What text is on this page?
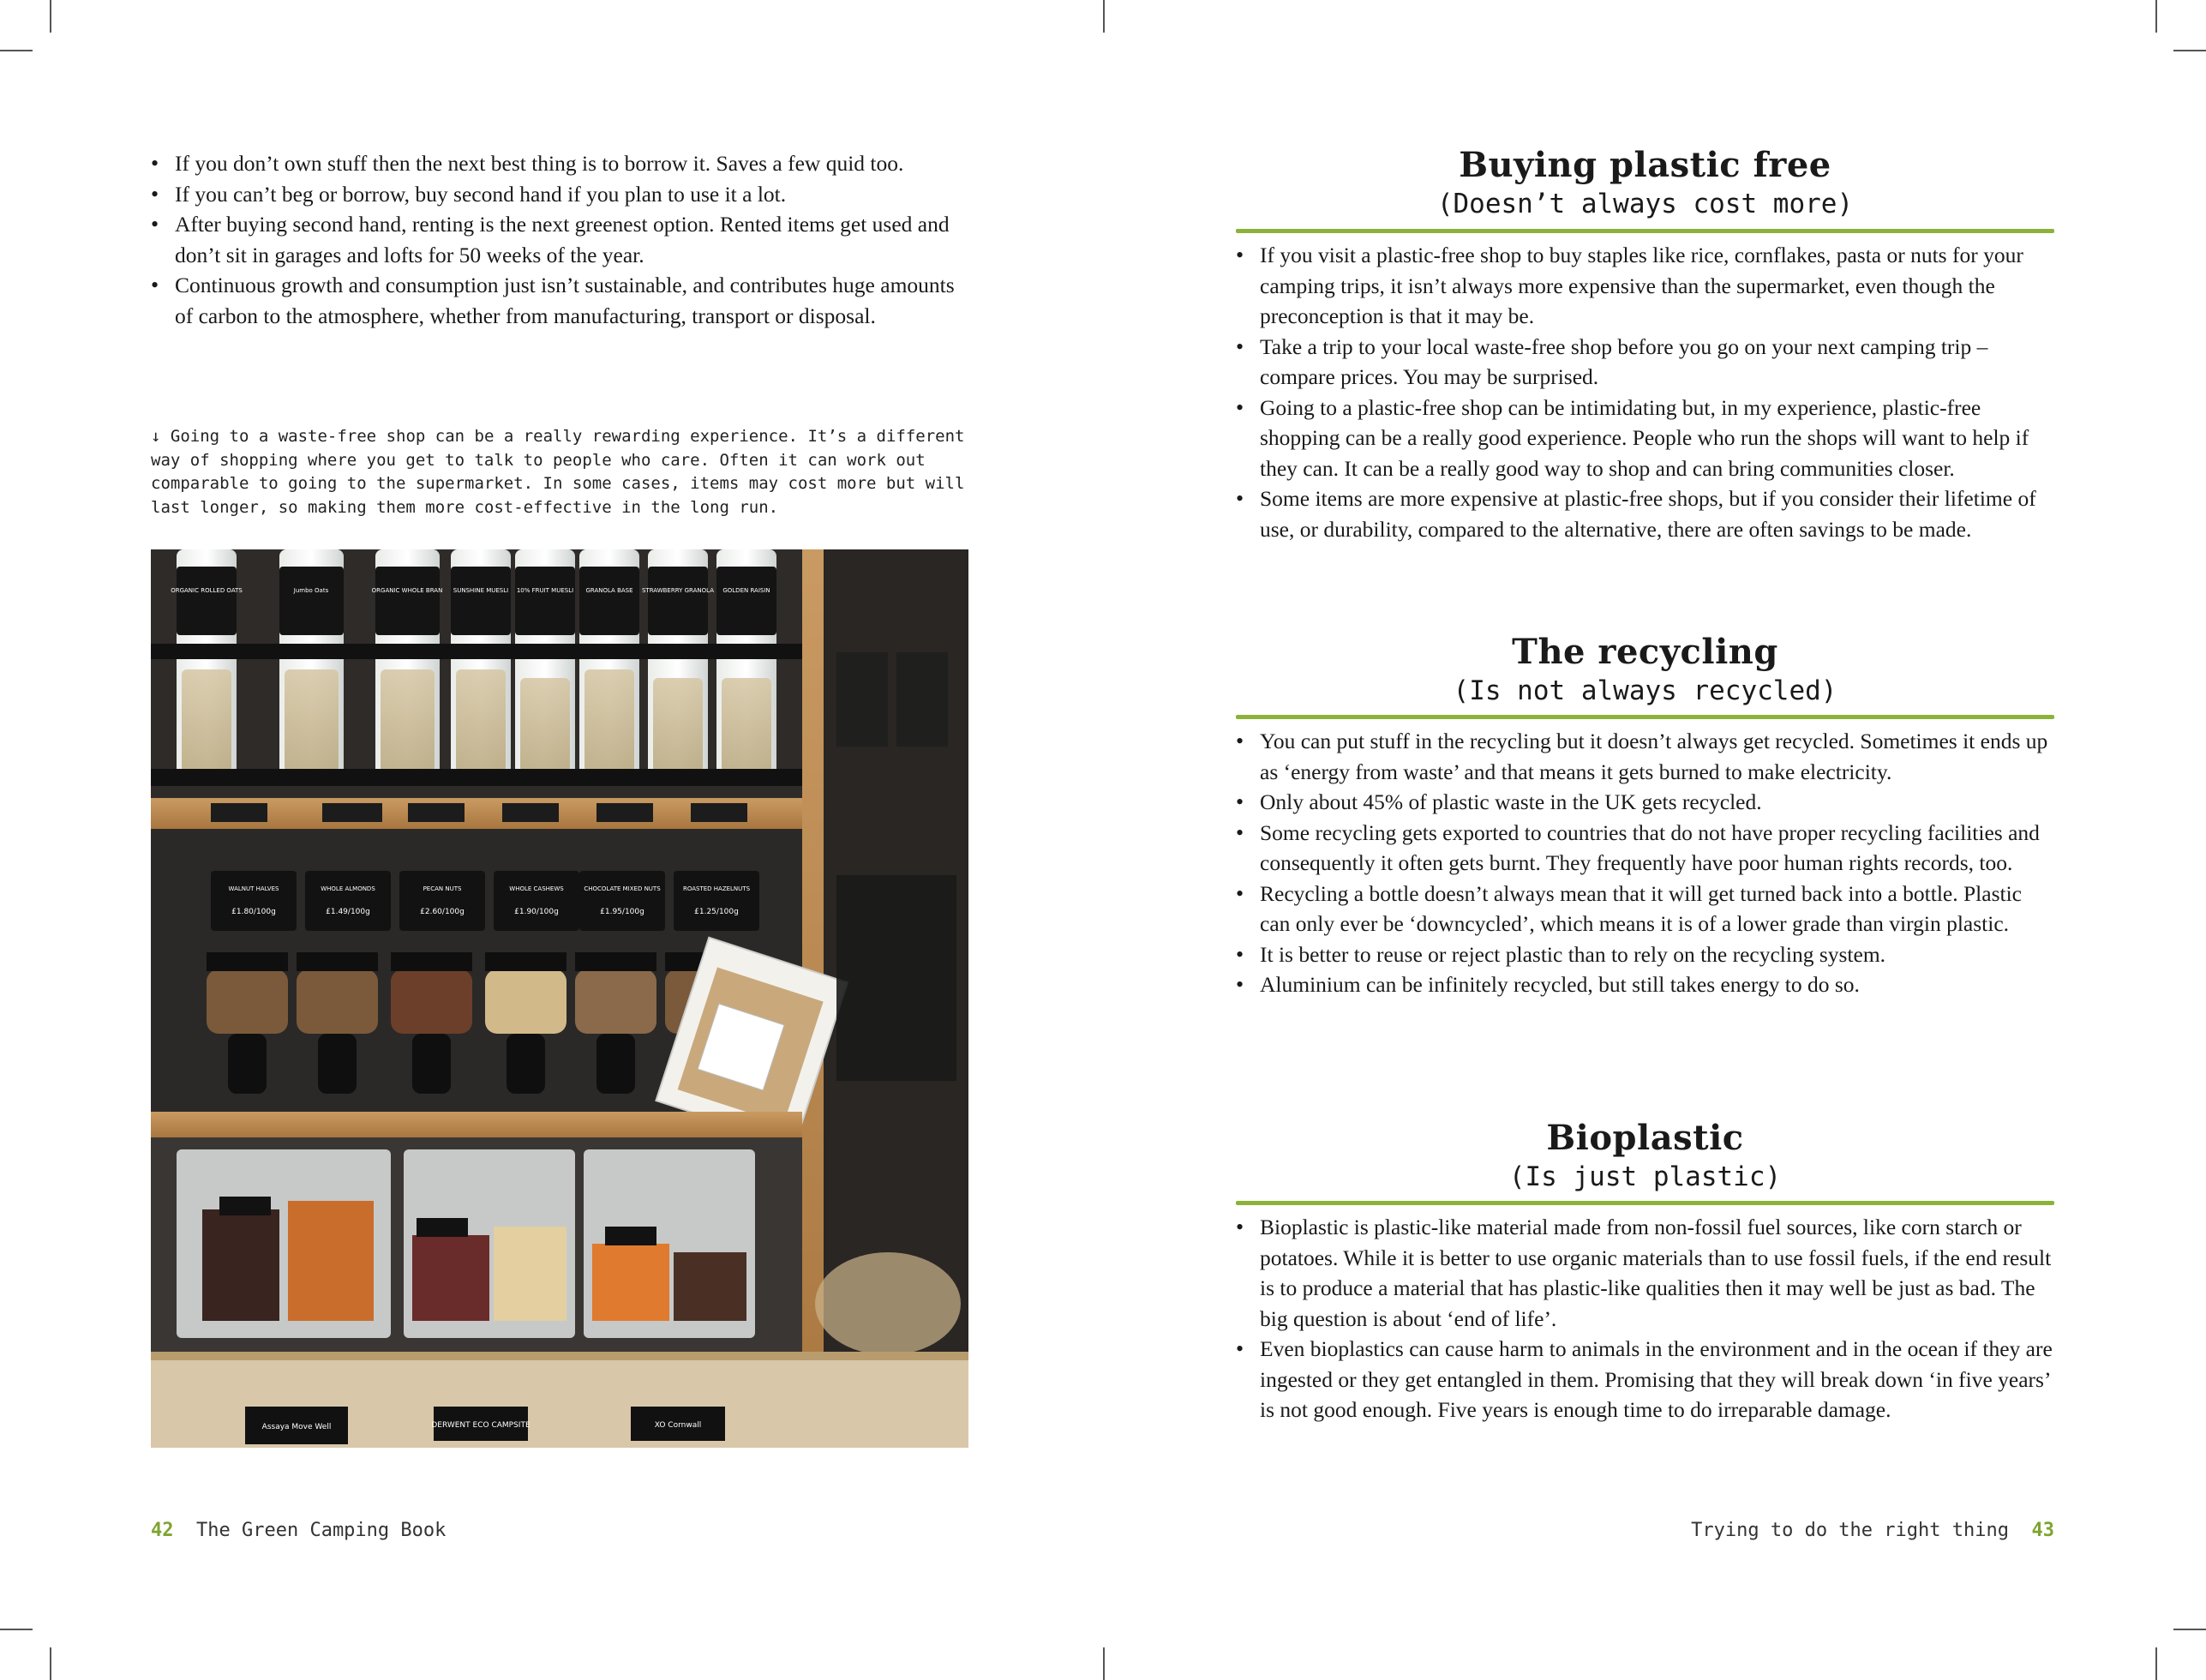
• If you don’t own stuff then the next best thing is to borrow it. Saves a few quid too.
• If you can’t beg or borrow, buy second hand if you plan to use it a lot.
• After buying second hand, renting is the next greenest option. Rented items get used and don’t sit in garages and lofts for 50 weeks of the year.
• Continuous growth and consumption just isn’t sustainable, and contributes huge amounts of carbon to the atmosphere, whether from manufacturing, transport or disposal.
↓ Going to a waste-free shop can be a really rewarding experience. It’s a different way of shopping where you get to talk to people who care. Often it can work out comparable to going to the supermarket. In some cases, items may cost more but will last longer, so making them more cost-effective in the long run.
ORGANIC ROLLED OATS	Jumbo Oats	ORGANIC WHOLE BRAN SUNSHINE MUESLI 10% FRUIT MUESLI GRANOLA BASE STRAWBERRY GRANOLA GOLDEN RAISIN
WALNUT HALVES	WHOLE ALMONDS	PECAN NUTS	WHOLE CASHEWS	CHOCOLATE MIXED NUTS	ROASTED HAZELNUTS
£1.80/100g	£1.49/100g	£2.60/100g	£1.90/100g	£1.95/100g	£1.25/100g
Assaya Move Well	DERWENT ECO CAMPSITE	XO Cornwall
42 The Green Camping Book
Buying plastic free
(Doesn’t always cost more)
• If you visit a plastic-free shop to buy staples like rice, cornflakes, pasta or nuts for your camping trips, it isn’t always more expensive than the supermarket, even though the preconception is that it may be.
• Take a trip to your local waste-free shop before you go on your next camping trip – compare prices. You may be surprised.
• Going to a plastic-free shop can be intimidating but, in my experience, plastic-free shopping can be a really good experience. People who run the shops will want to help if they can. It can be a really good way to shop and can bring communities closer.
• Some items are more expensive at plastic-free shops, but if you consider their lifetime of use, or durability, compared to the alternative, there are often savings to be made.
The recycling
(Is not always recycled)
• You can put stuff in the recycling but it doesn’t always get recycled. Sometimes it ends up as ‘energy from waste’ and that means it gets burned to make electricity.
• Only about 45% of plastic waste in the UK gets recycled.
• Some recycling gets exported to countries that do not have proper recycling facilities and consequently it often gets burnt. They frequently have poor human rights records, too.
• Recycling a bottle doesn’t always mean that it will get turned back into a bottle. Plastic can only ever be ‘downcycled’, which means it is of a lower grade than virgin plastic.
• It is better to reuse or reject plastic than to rely on the recycling system.
• Aluminium can be infinitely recycled, but still takes energy to do so.
Bioplastic
(Is just plastic)
• Bioplastic is plastic-like material made from non-fossil fuel sources, like corn starch or potatoes. While it is better to use organic materials than to use fossil fuels, if the end result is to produce a material that has plastic-like qualities then it may well be just as bad. The big question is about ‘end of life’.
• Even bioplastics can cause harm to animals in the environment and in the ocean if they are ingested or they get entangled in them. Promising that they will break down ‘in five years’ is not good enough. Five years is enough time to do irreparable damage.
Trying to do the right thing 43
